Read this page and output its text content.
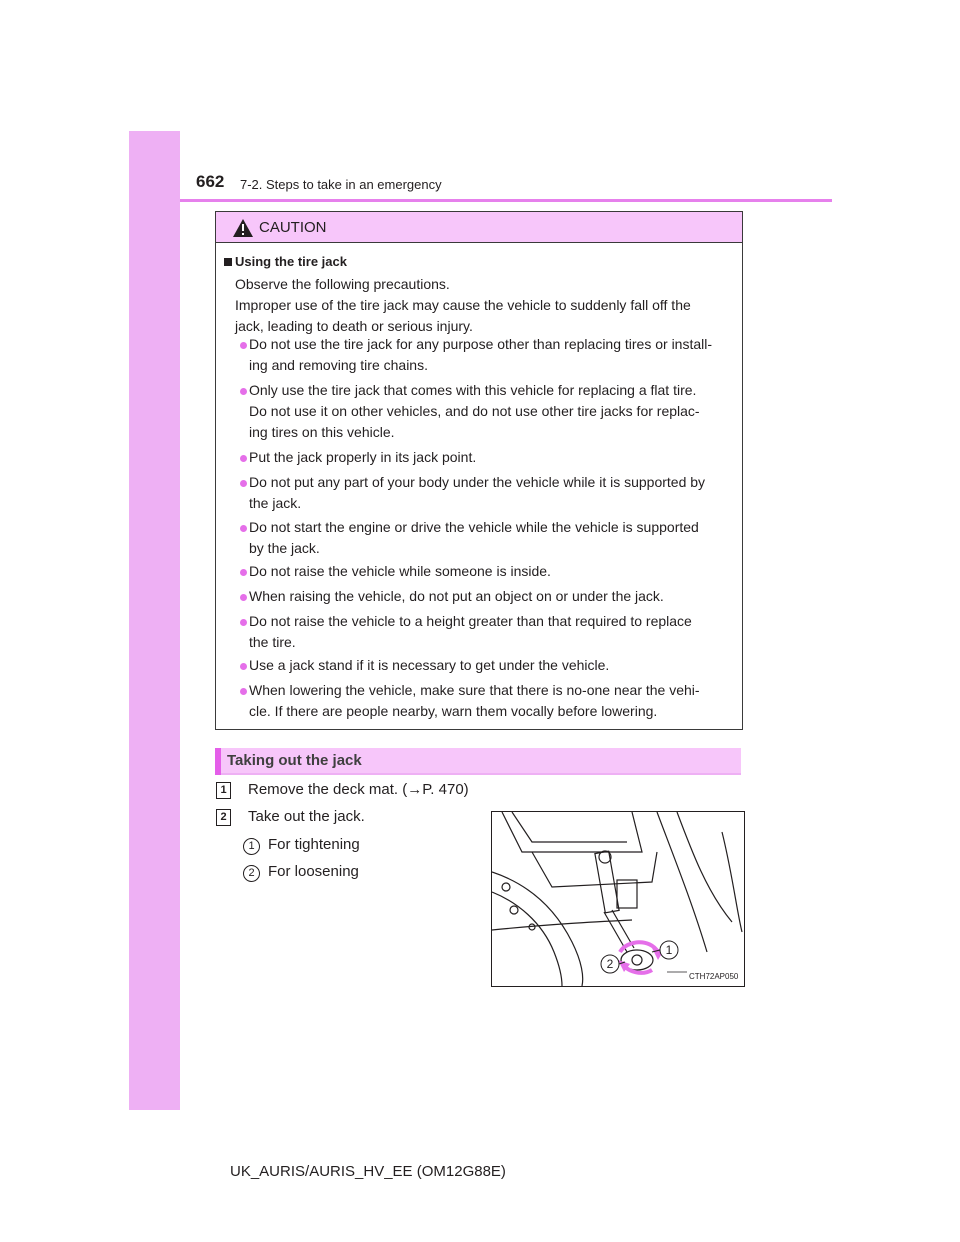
662 7-2. Steps to take in an emergency
CAUTION
Using the tire jack
Observe the following precautions.
Improper use of the tire jack may cause the vehicle to suddenly fall off the
jack, leading to death or serious injury.
Do not use the tire jack for any purpose other than replacing tires or install-
ing and removing tire chains.
Only use the tire jack that comes with this vehicle for replacing a flat tire.
Do not use it on other vehicles, and do not use other tire jacks for replac-
ing tires on this vehicle.
Put the jack properly in its jack point.
Do not put any part of your body under the vehicle while it is supported by
the jack.
Do not start the engine or drive the vehicle while the vehicle is supported
by the jack.
Do not raise the vehicle while someone is inside.
When raising the vehicle, do not put an object on or under the jack.
Do not raise the vehicle to a height greater than that required to replace
the tire.
Use a jack stand if it is necessary to get under the vehicle.
When lowering the vehicle, make sure that there is no-one near the vehi-
cle. If there are people nearby, warn them vocally before lowering.
Taking out the jack
1 Remove the deck mat. (→P. 470)
2 Take out the jack.
1 For tightening
2 For loosening
1
2
CTH72AP050
UK_AURIS/AURIS_HV_EE (OM12G88E)
